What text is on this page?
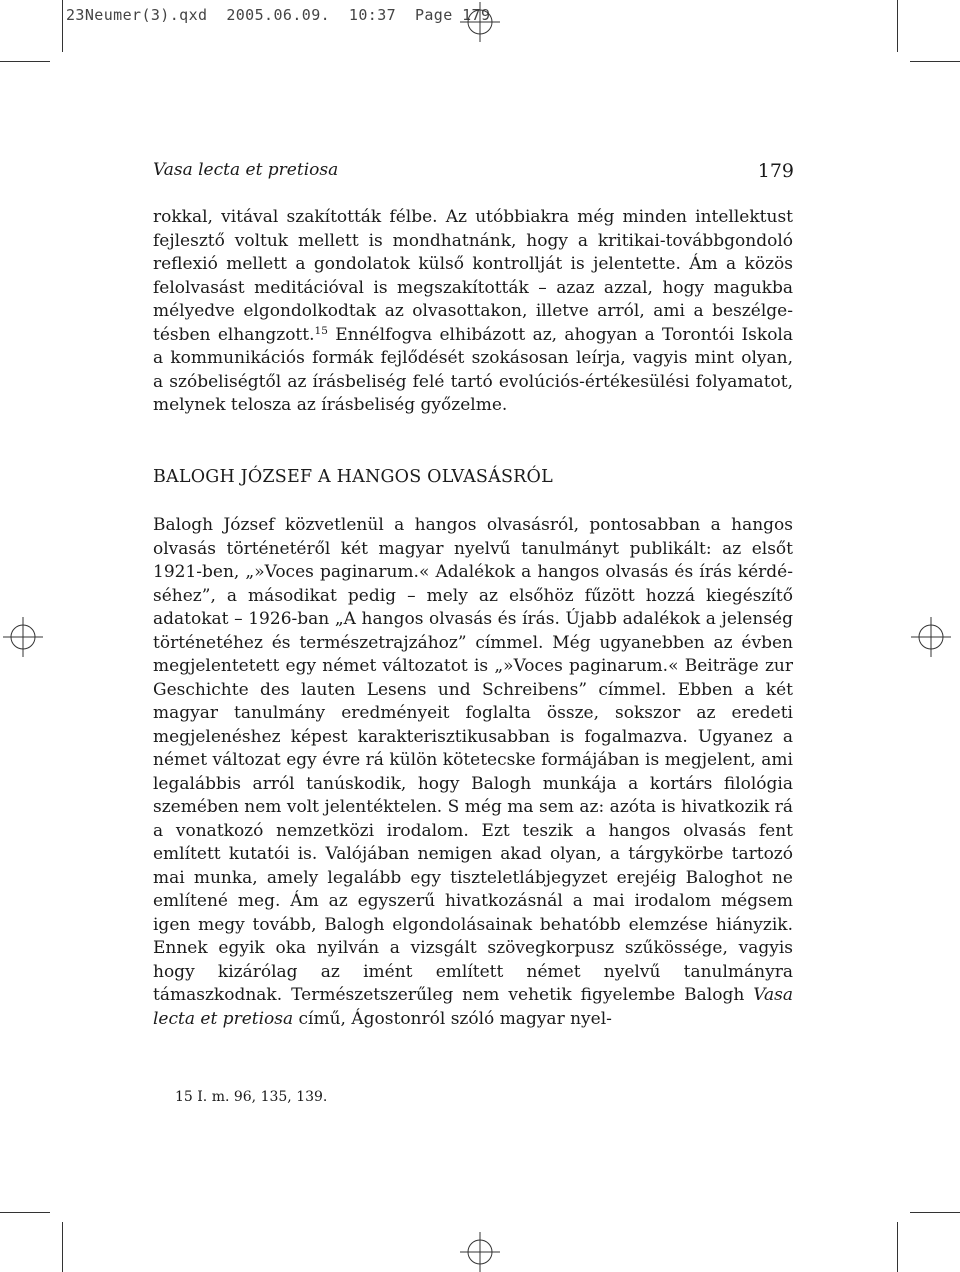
23Neumer(3).qxd  2005.06.09.  10:37  Page 179
Vasa lecta et pretiosa	179

rokkal, vitával szakították félbe. Az utóbbiakra még minden intellektust fejlesztő voltuk mellett is mondhatnánk, hogy a kritikai-továbbgondoló reflexió mellett a gondolatok külső kontrollját is jelentette. Ám a közös felolvasást meditációval is megszakították – azaz azzal, hogy magukba mélyedve elgondolkodtak az olvasottakon, illetve arról, ami a beszélgetésben elhangzott.$^{15}$ Ennélfogva elhibázott az, ahogyan a Torontói Iskola a kommunikációs formák fejlődését szokásosan leírja, vagyis mint olyan, a szóbeliségtől az írásbeliség felé tartó evolúciós-értékesülési folyamatot, melynek telosza az írásbeliség győzelme.

BALOGH JÓZSEF A HANGOS OLVASÁSRÓL

Balogh József közvetlenül a hangos olvasásról, pontosabban a hangos olvasás történetéről két magyar nyelvű tanulmányt publikált: az elsőt 1921-ben, „»Voces paginarum.« Adalékok a hangos olvasás és írás kérdéséhez”, a másodikat pedig – mely az elsőhöz fűzött hozzá kiegészítő adatokat – 1926-ban „A hangos olvasás és írás. Újabb adalékok a jelenség történetéhez és természetrajzához” címmel. Még ugyanebben az évben megjelentetett egy német változatot is „»Voces paginarum.« Beiträge zur Geschichte des lauten Lesens und Schreibens” címmel. Ebben a két magyar tanulmány eredményeit foglalta össze, sokszor az eredeti megjelenéshez képest karakterisztikusabban is fogalmazva. Ugyanez a német változat egy évre rá külön kötetecske formájában is megjelent, ami legalábbis arról tanúskodik, hogy Balogh munkája a kortárs filológia szemében nem volt jelentéktelen. S még ma sem az: azóta is hivatkozik rá a vonatkozó nemzetközi irodalom. Ezt teszik a hangos olvasás fent említett kutatói is. Valójában nemigen akad olyan, a tárgykörbe tartozó mai munka, amely legalább egy tiszteletlábjegyzet erejéig Baloghot ne említené meg. Ám az egyszerű hivatkozásnál a mai irodalom mégsem igen megy tovább, Balogh elgondolásainak behatóbb elemzése hiányzik. Ennek egyik oka nyilván a vizsgált szövegkorpusz szűkössége, vagyis hogy kizárólag az imént említett német nyelvű tanulmányra támaszkodnak. Természetszerűleg nem vehetik figyelembe Balogh Vasa lecta et pretiosa című, Ágostonról szóló magyar nyel-

15 I. m. 96, 135, 139.
